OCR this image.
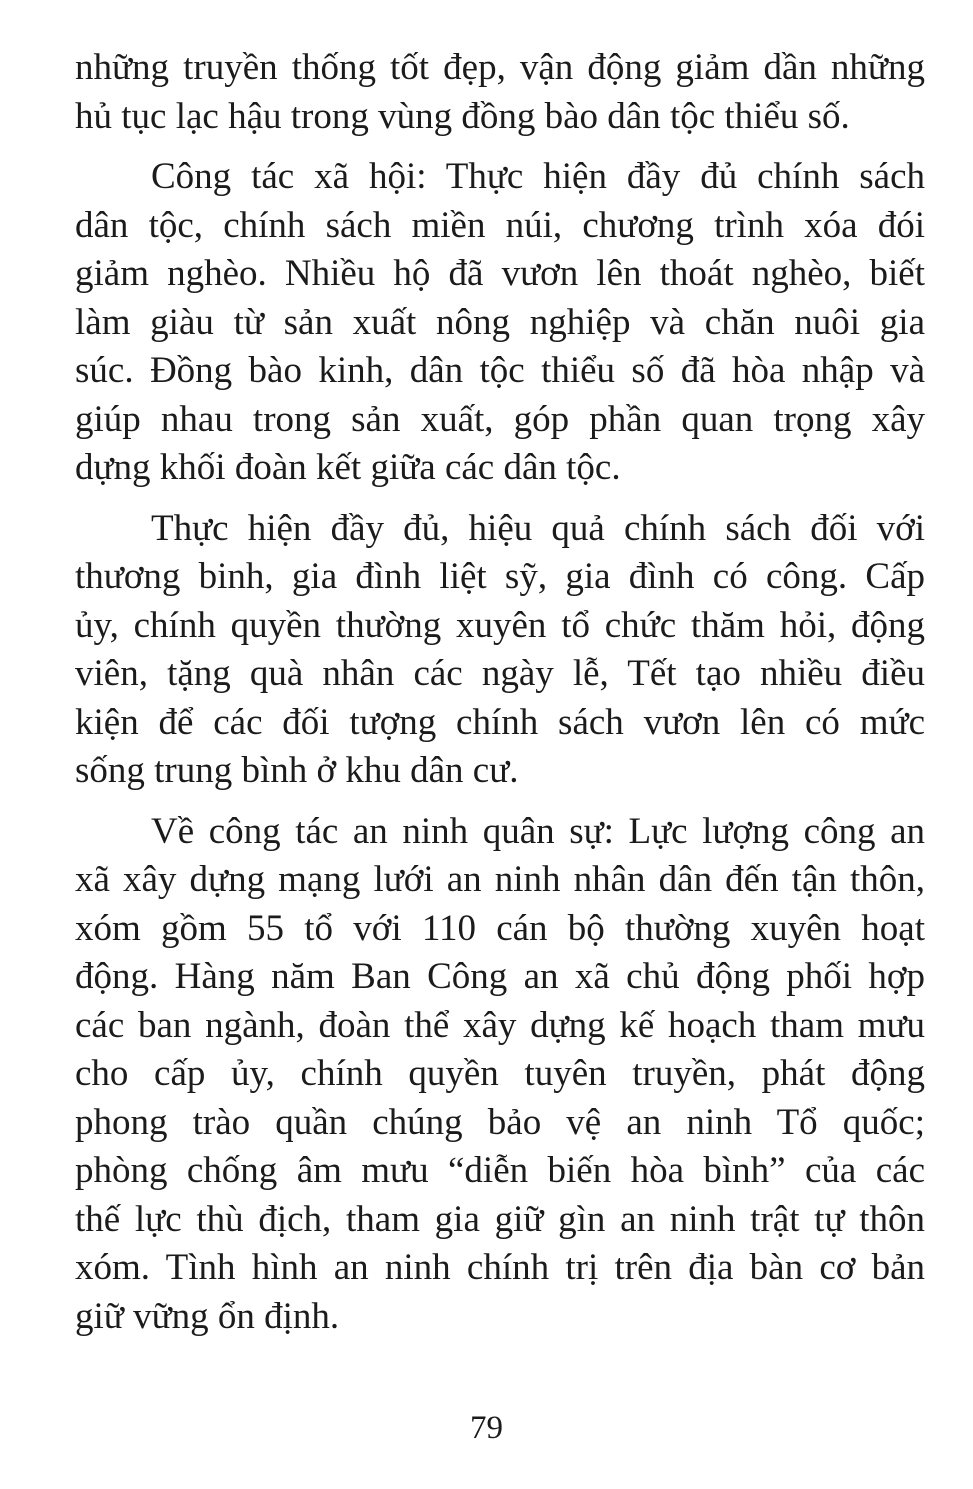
những truyền thống tốt đẹp, vận động giảm dần những
hủ tục lạc hậu trong vùng đồng bào dân tộc thiểu số.

Công tác xã hội: Thực hiện đầy đủ chính sách
dân tộc, chính sách miền núi, chương trình xóa đói
giảm nghèo. Nhiều hộ đã vươn lên thoát nghèo, biết
làm giàu từ sản xuất nông nghiệp và chăn nuôi gia
súc. Đồng bào kinh, dân tộc thiểu số đã hòa nhập và
giúp nhau trong sản xuất, góp phần quan trọng xây
dựng khối đoàn kết giữa các dân tộc.

Thực hiện đầy đủ, hiệu quả chính sách đối với
thương binh, gia đình liệt sỹ, gia đình có công. Cấp
ủy, chính quyền thường xuyên tổ chức thăm hỏi, động
viên, tặng quà nhân các ngày lễ, Tết tạo nhiều điều
kiện để các đối tượng chính sách vươn lên có mức
sống trung bình ở khu dân cư.

Về công tác an ninh quân sự: Lực lượng công an
xã xây dựng mạng lưới an ninh nhân dân đến tận thôn,
xóm gồm 55 tổ với 110 cán bộ thường xuyên hoạt
động. Hàng năm Ban Công an xã chủ động phối hợp
các ban ngành, đoàn thể xây dựng kế hoạch tham mưu
cho cấp ủy, chính quyền tuyên truyền, phát động
phong trào quần chúng bảo vệ an ninh Tổ quốc;
phòng chống âm mưu “diễn biến hòa bình” của các
thế lực thù địch, tham gia giữ gìn an ninh trật tự thôn
xóm. Tình hình an ninh chính trị trên địa bàn cơ bản
giữ vững ổn định.

79
